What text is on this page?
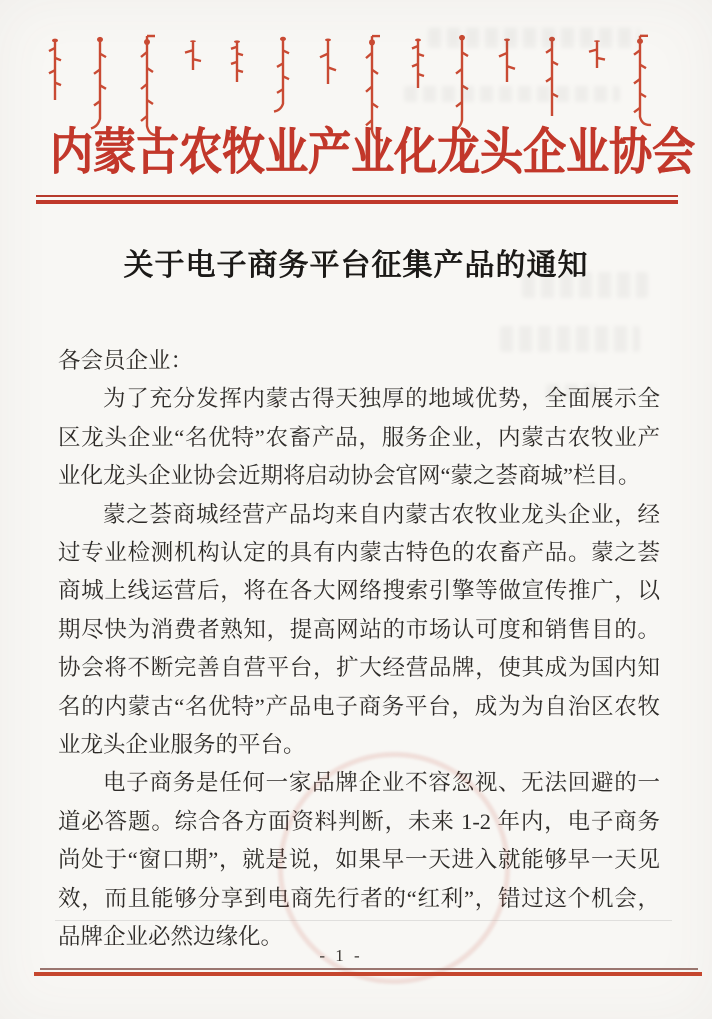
内蒙古农牧业产业化龙头企业协会
关于电子商务平台征集产品的通知

各会员企业：

为了充分发挥内蒙古得天独厚的地域优势，全面展示全区龙头企业“名优特”农畜产品，服务企业，内蒙古农牧业产业化龙头企业协会近期将启动协会官网“蒙之荟商城”栏目。

蒙之荟商城经营产品均来自内蒙古农牧业龙头企业，经过专业检测机构认定的具有内蒙古特色的农畜产品。蒙之荟商城上线运营后，将在各大网络搜索引擎等做宣传推广，以期尽快为消费者熟知，提高网站的市场认可度和销售目的。协会将不断完善自营平台，扩大经营品牌，使其成为国内知名的内蒙古“名优特”产品电子商务平台，成为为自治区农牧业龙头企业服务的平台。

电子商务是任何一家品牌企业不容忽视、无法回避的一道必答题。综合各方面资料判断，未来 1-2 年内，电子商务尚处于“窗口期”，就是说，如果早一天进入就能够早一天见效，而且能够分享到电商先行者的“红利”，错过这个机会，品牌企业必然边缘化。

- 1 -
